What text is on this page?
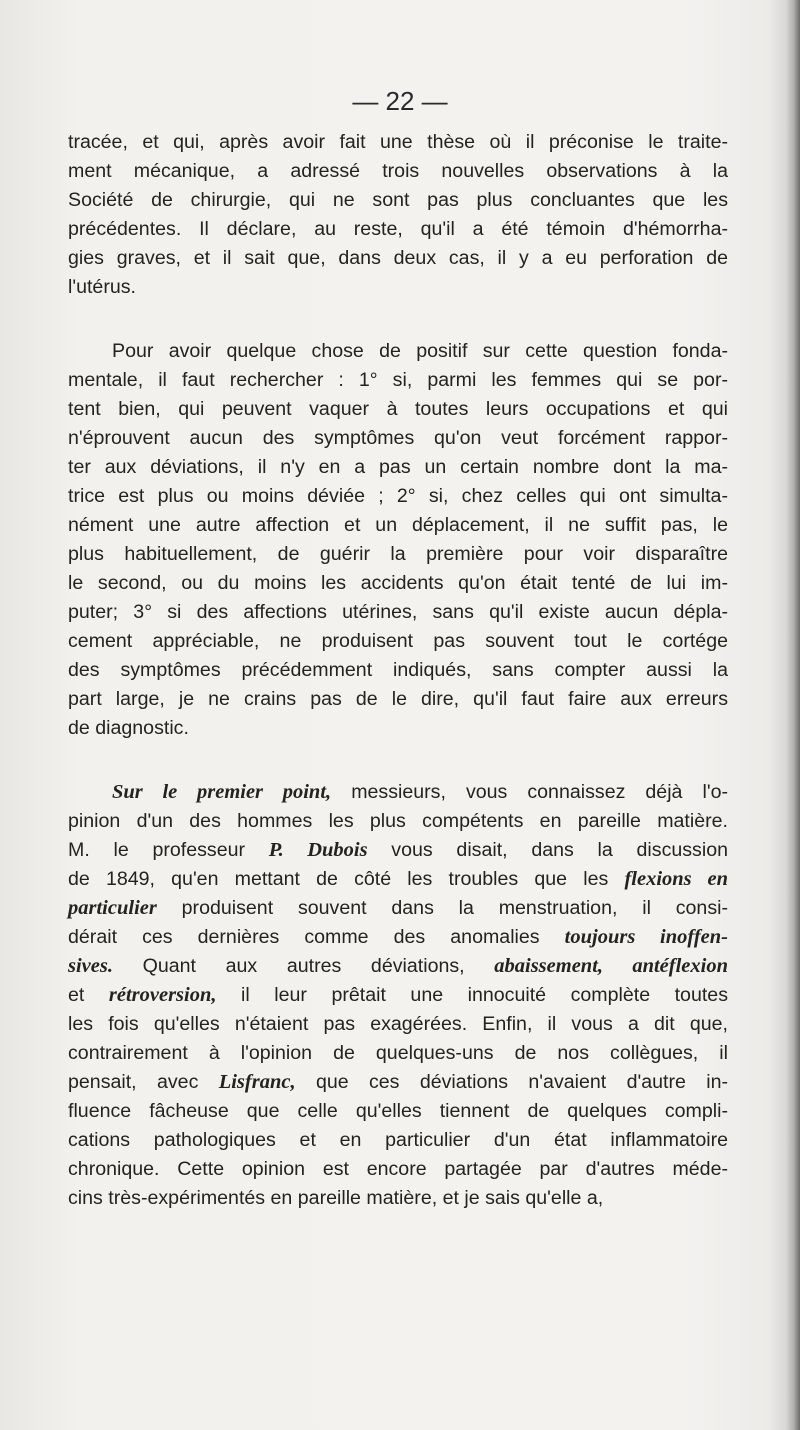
— 22 —
tracée, et qui, après avoir fait une thèse où il préconise le traite-
ment mécanique, a adressé trois nouvelles observations à la
Société de chirurgie, qui ne sont pas plus concluantes que les
précédentes. Il déclare, au reste, qu'il a été témoin d'hémorrha-
gies graves, et il sait que, dans deux cas, il y a eu perforation de
l'utérus.
Pour avoir quelque chose de positif sur cette question fonda-
mentale, il faut rechercher : 1° si, parmi les femmes qui se por-
tent bien, qui peuvent vaquer à toutes leurs occupations et qui
n'éprouvent aucun des symptômes qu'on veut forcément rappor-
ter aux déviations, il n'y en a pas un certain nombre dont la ma-
trice est plus ou moins déviée ; 2° si, chez celles qui ont simulta-
nément une autre affection et un déplacement, il ne suffit pas, le
plus habituellement, de guérir la première pour voir disparaître
le second, ou du moins les accidents qu'on était tenté de lui im-
puter; 3° si des affections utérines, sans qu'il existe aucun dépla-
cement appréciable, ne produisent pas souvent tout le cortége
des symptômes précédemment indiqués, sans compter aussi la
part large, je ne crains pas de le dire, qu'il faut faire aux erreurs
de diagnostic.
Sur le premier point, messieurs, vous connaissez déjà l'o-
pinion d'un des hommes les plus compétents en pareille matière.
M. le professeur P. Dubois vous disait, dans la discussion
de 1849, qu'en mettant de côté les troubles que les flexions en
particulier produisent souvent dans la menstruation, il consi-
dérait ces dernières comme des anomalies toujours inoffen-
sives. Quant aux autres déviations, abaissement, antéflexion
et rétroversion, il leur prêtait une innocuité complète toutes
les fois qu'elles n'étaient pas exagérées. Enfin, il vous a dit que,
contrairement à l'opinion de quelques-uns de nos collègues, il
pensait, avec Lisfranc, que ces déviations n'avaient d'autre in-
fluence fâcheuse que celle qu'elles tiennent de quelques compli-
cations pathologiques et en particulier d'un état inflammatoire
chronique. Cette opinion est encore partagée par d'autres méde-
cins très-expérimentés en pareille matière, et je sais qu'elle a,
